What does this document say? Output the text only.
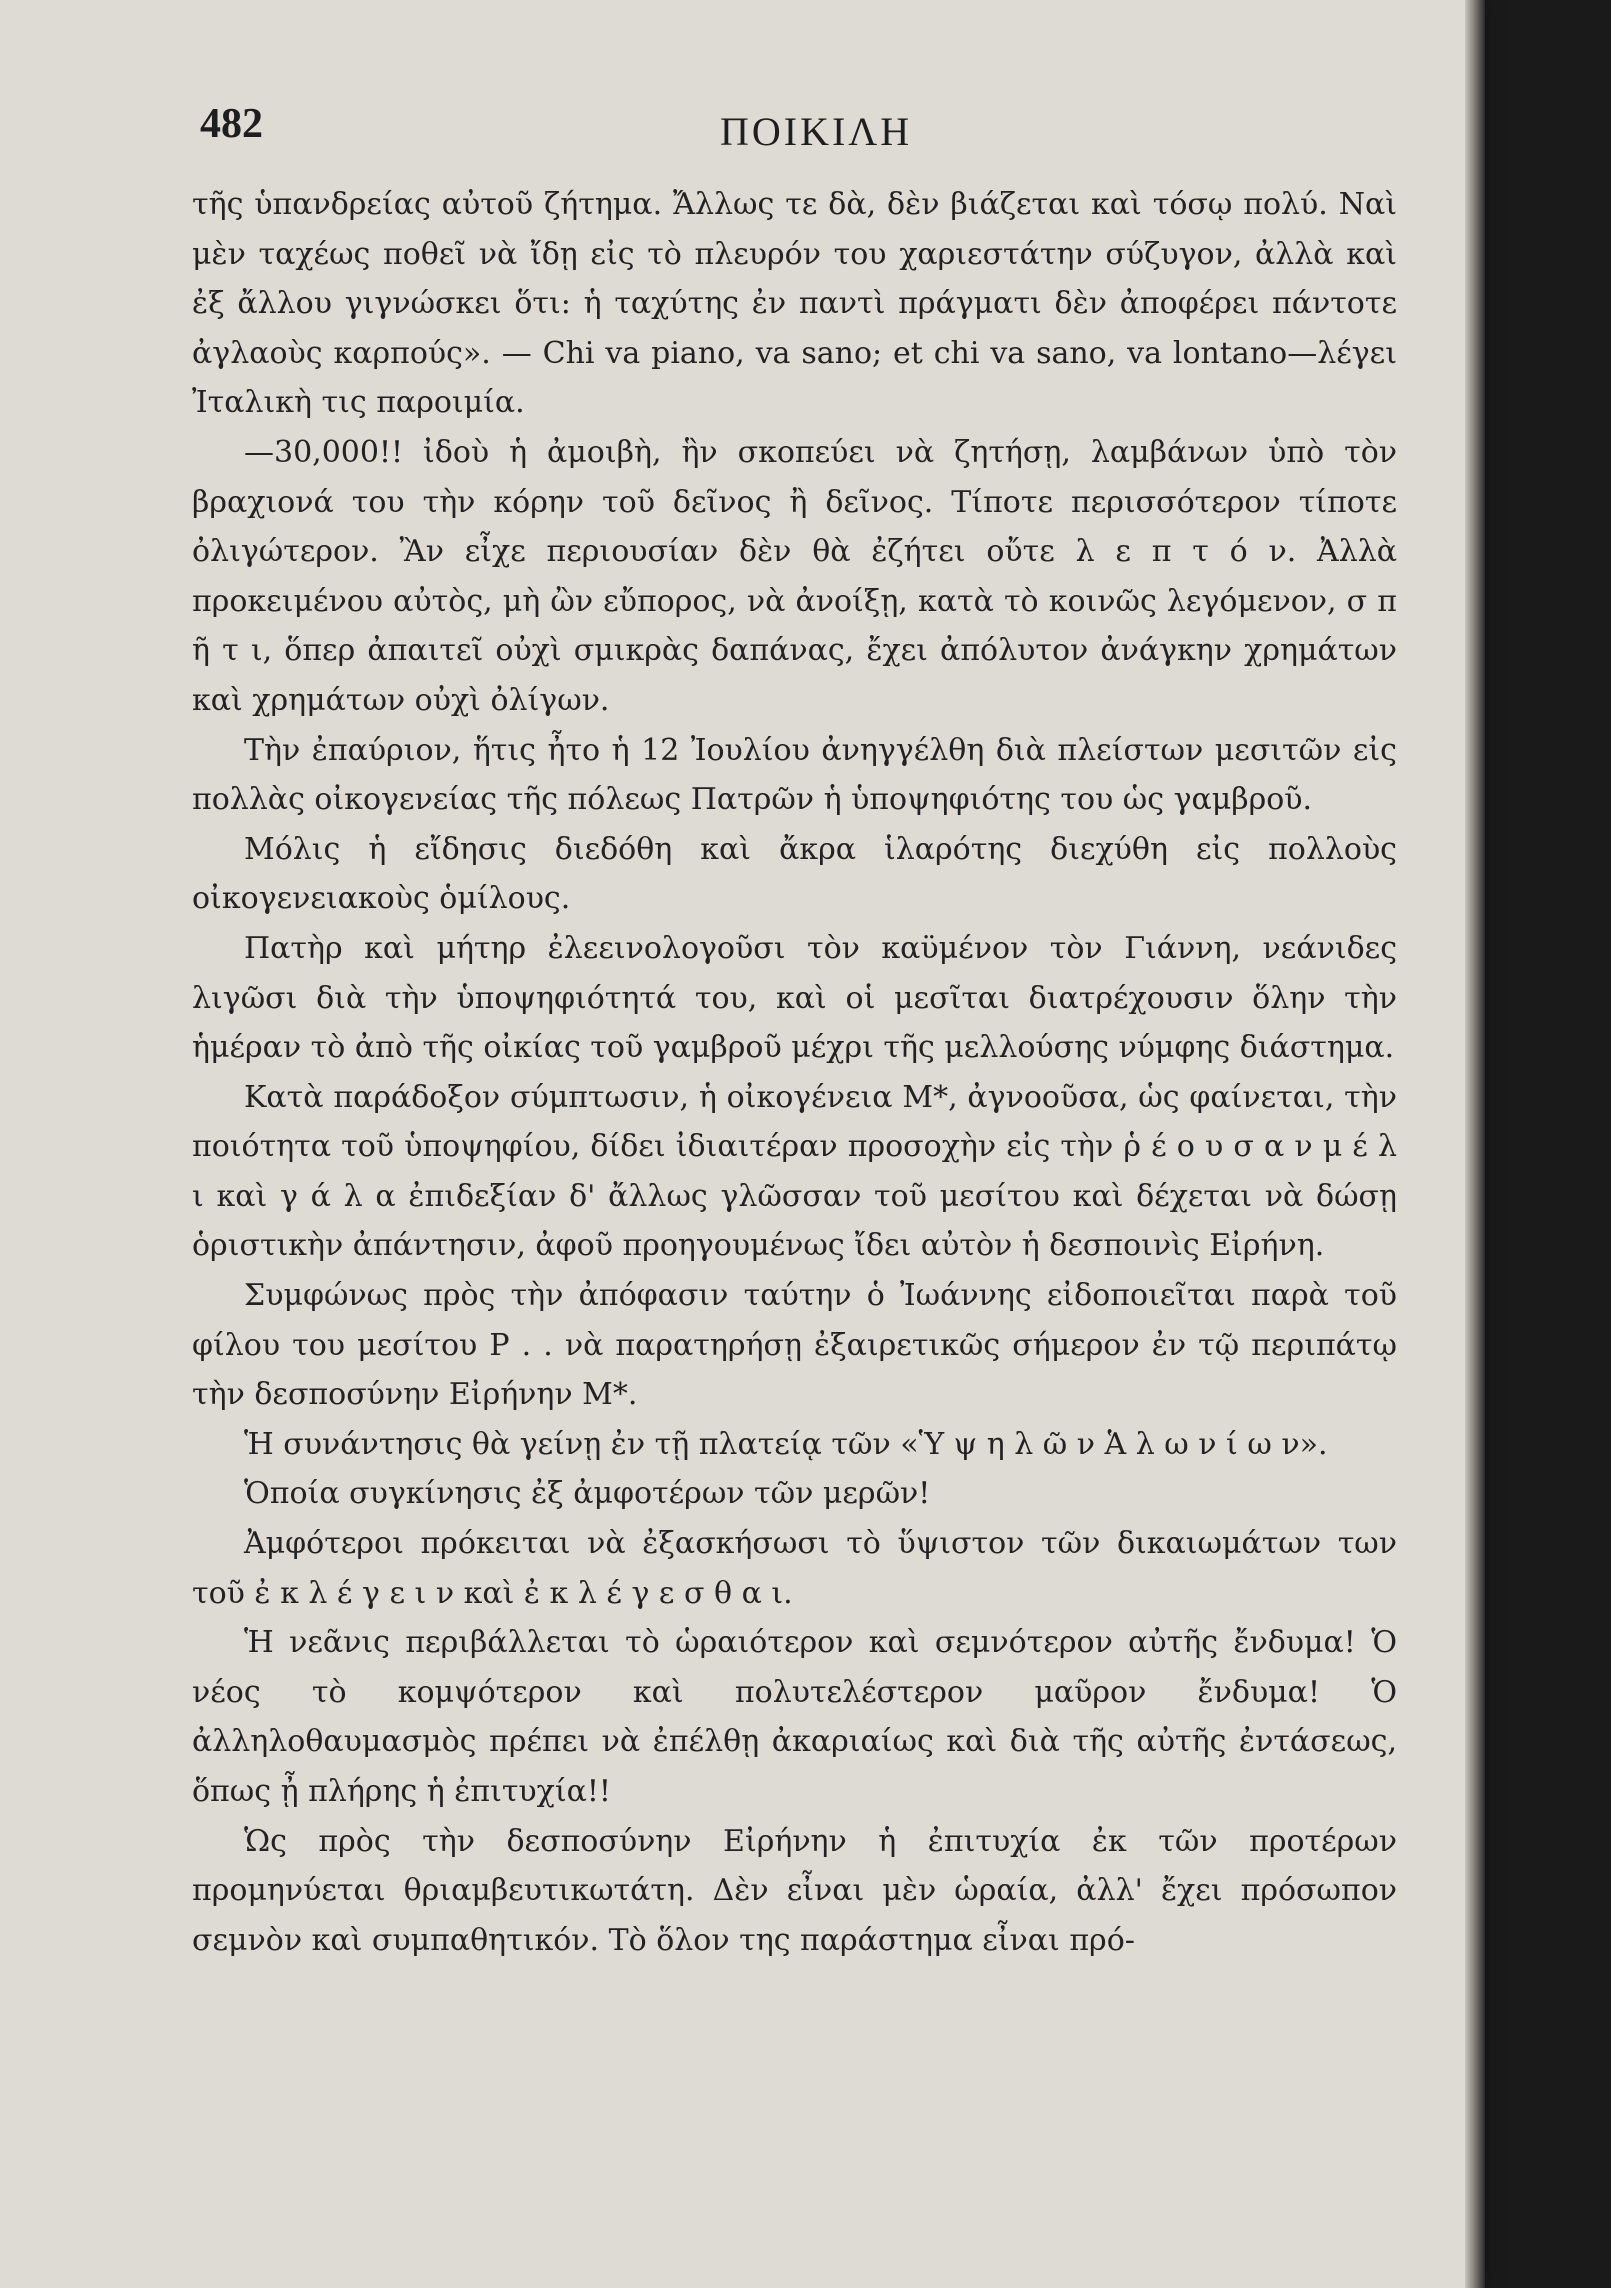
482	ΠΟΙΚΙΛΗ

τῆς ὑπανδρείας αὐτοῦ ζήτημα. Ἄλλως τε δὰ, δὲν βιάζεται καὶ τόσῳ πολύ. Ναὶ μὲν ταχέως ποθεῖ νὰ ἴδῃ εἰς τὸ πλευρόν του χαριεστάτην σύζυγον, ἀλλὰ καὶ ἐξ ἄλλου γιγνώσκει ὅτι: ἡ ταχύτης ἐν παντὶ πράγματι δὲν ἀποφέρει πάντοτε ἀγλαοὺς καρπούς». — Chi va piano, va sano; et chi va sano, va lontano—λέγει Ἰταλικὴ τις παροιμία.

—30,000!! ἰδοὺ ἡ ἀμοιβὴ, ἣν σκοπεύει νὰ ζητήσῃ, λαμβάνων ὑπὸ τὸν βραχιονά του τὴν κόρην τοῦ δεῖνος ἢ δεῖνος. Τίποτε περισσότερον τίποτε ὀλιγώτερον. Ἂν εἶχε περιουσίαν δὲν θὰ ἐζήτει οὔτε λ ε π τ ό ν. Ἀλλὰ προκειμένου αὐτὸς, μὴ ὢν εὔπορος, νὰ ἀνοίξῃ, κατὰ τὸ κοινῶς λεγόμενον, σ π ῆ τ ι, ὅπερ ἀπαιτεῖ οὐχὶ σμικρὰς δαπάνας, ἔχει ἀπόλυτον ἀνάγκην χρημάτων καὶ χρημάτων οὐχὶ ὀλίγων.

Τὴν ἐπαύριον, ἥτις ἦτο ἡ 12 Ἰουλίου ἀνηγγέλθη διὰ πλείστων μεσιτῶν εἰς πολλὰς οἰκογενείας τῆς πόλεως Πατρῶν ἡ ὑποψηφιότης του ὡς γαμβροῦ.

Μόλις ἡ εἴδησις διεδόθη καὶ ἄκρα ἱλαρότης διεχύθη εἰς πολλοὺς οἰκογενειακοὺς ὁμίλους.

Πατὴρ καὶ μήτηρ ἐλεεινολογοῦσι τὸν καϋμένον τὸν Γιάννη, νεάνιδες λιγῶσι διὰ τὴν ὑποψηφιότητά του, καὶ οἱ μεσῖται διατρέχουσιν ὅλην τὴν ἡμέραν τὸ ἀπὸ τῆς οἰκίας τοῦ γαμβροῦ μέχρι τῆς μελλούσης νύμφης διάστημα.

Κατὰ παράδοξον σύμπτωσιν, ἡ οἰκογένεια Μ*, ἀγνοοῦσα, ὡς φαίνεται, τὴν ποιότητα τοῦ ὑποψηφίου, δίδει ἰδιαιτέραν προσοχὴν εἰς τὴν ῥ έ ο υ σ α ν μ έ λ ι καὶ γ ά λ α ἐπιδεξίαν δ' ἄλλως γλῶσσαν τοῦ μεσίτου καὶ δέχεται νὰ δώσῃ ὁριστικὴν ἀπάντησιν, ἀφοῦ προηγουμένως ἴδει αὐτὸν ἡ δεσποινὶς Εἰρήνη.

Συμφώνως πρὸς τὴν ἀπόφασιν ταύτην ὁ Ἰωάννης εἰδοποιεῖται παρὰ τοῦ φίλου του μεσίτου Ρ . . νὰ παρατηρήσῃ ἐξαιρετικῶς σήμερον ἐν τῷ περιπάτῳ τὴν δεσποσύνην Εἰρήνην Μ*.

Ἡ συνάντησις θὰ γείνῃ ἐν τῇ πλατείᾳ τῶν «Ὑ ψ η λ ῶ ν Ἁ λ ω ν ί ω ν».

Ὁποία συγκίνησις ἐξ ἀμφοτέρων τῶν μερῶν!

Ἀμφότεροι πρόκειται νὰ ἐξασκήσωσι τὸ ὕψιστον τῶν δικαιωμάτων των τοῦ ἐ κ λ έ γ ε ι ν καὶ ἐ κ λ έ γ ε σ θ α ι.

Ἡ νεᾶνις περιβάλλεται τὸ ὡραιότερον καὶ σεμνότερον αὐτῆς ἔνδυμα! Ὁ νέος τὸ κομψότερον καὶ πολυτελέστερον μαῦρον ἔνδυμα! Ὁ ἀλληλοθαυμασμὸς πρέπει νὰ ἐπέλθῃ ἀκαριαίως καὶ διὰ τῆς αὐτῆς ἐντάσεως, ὅπως ᾖ πλήρης ἡ ἐπιτυχία!!

Ὡς πρὸς τὴν δεσποσύνην Εἰρήνην ἡ ἐπιτυχία ἐκ τῶν προτέρων προμηνύεται θριαμβευτικωτάτη. Δὲν εἶναι μὲν ὡραία, ἀλλ' ἔχει πρόσωπον σεμνὸν καὶ συμπαθητικόν. Τὸ ὅλον της παράστημα εἶναι πρό-
